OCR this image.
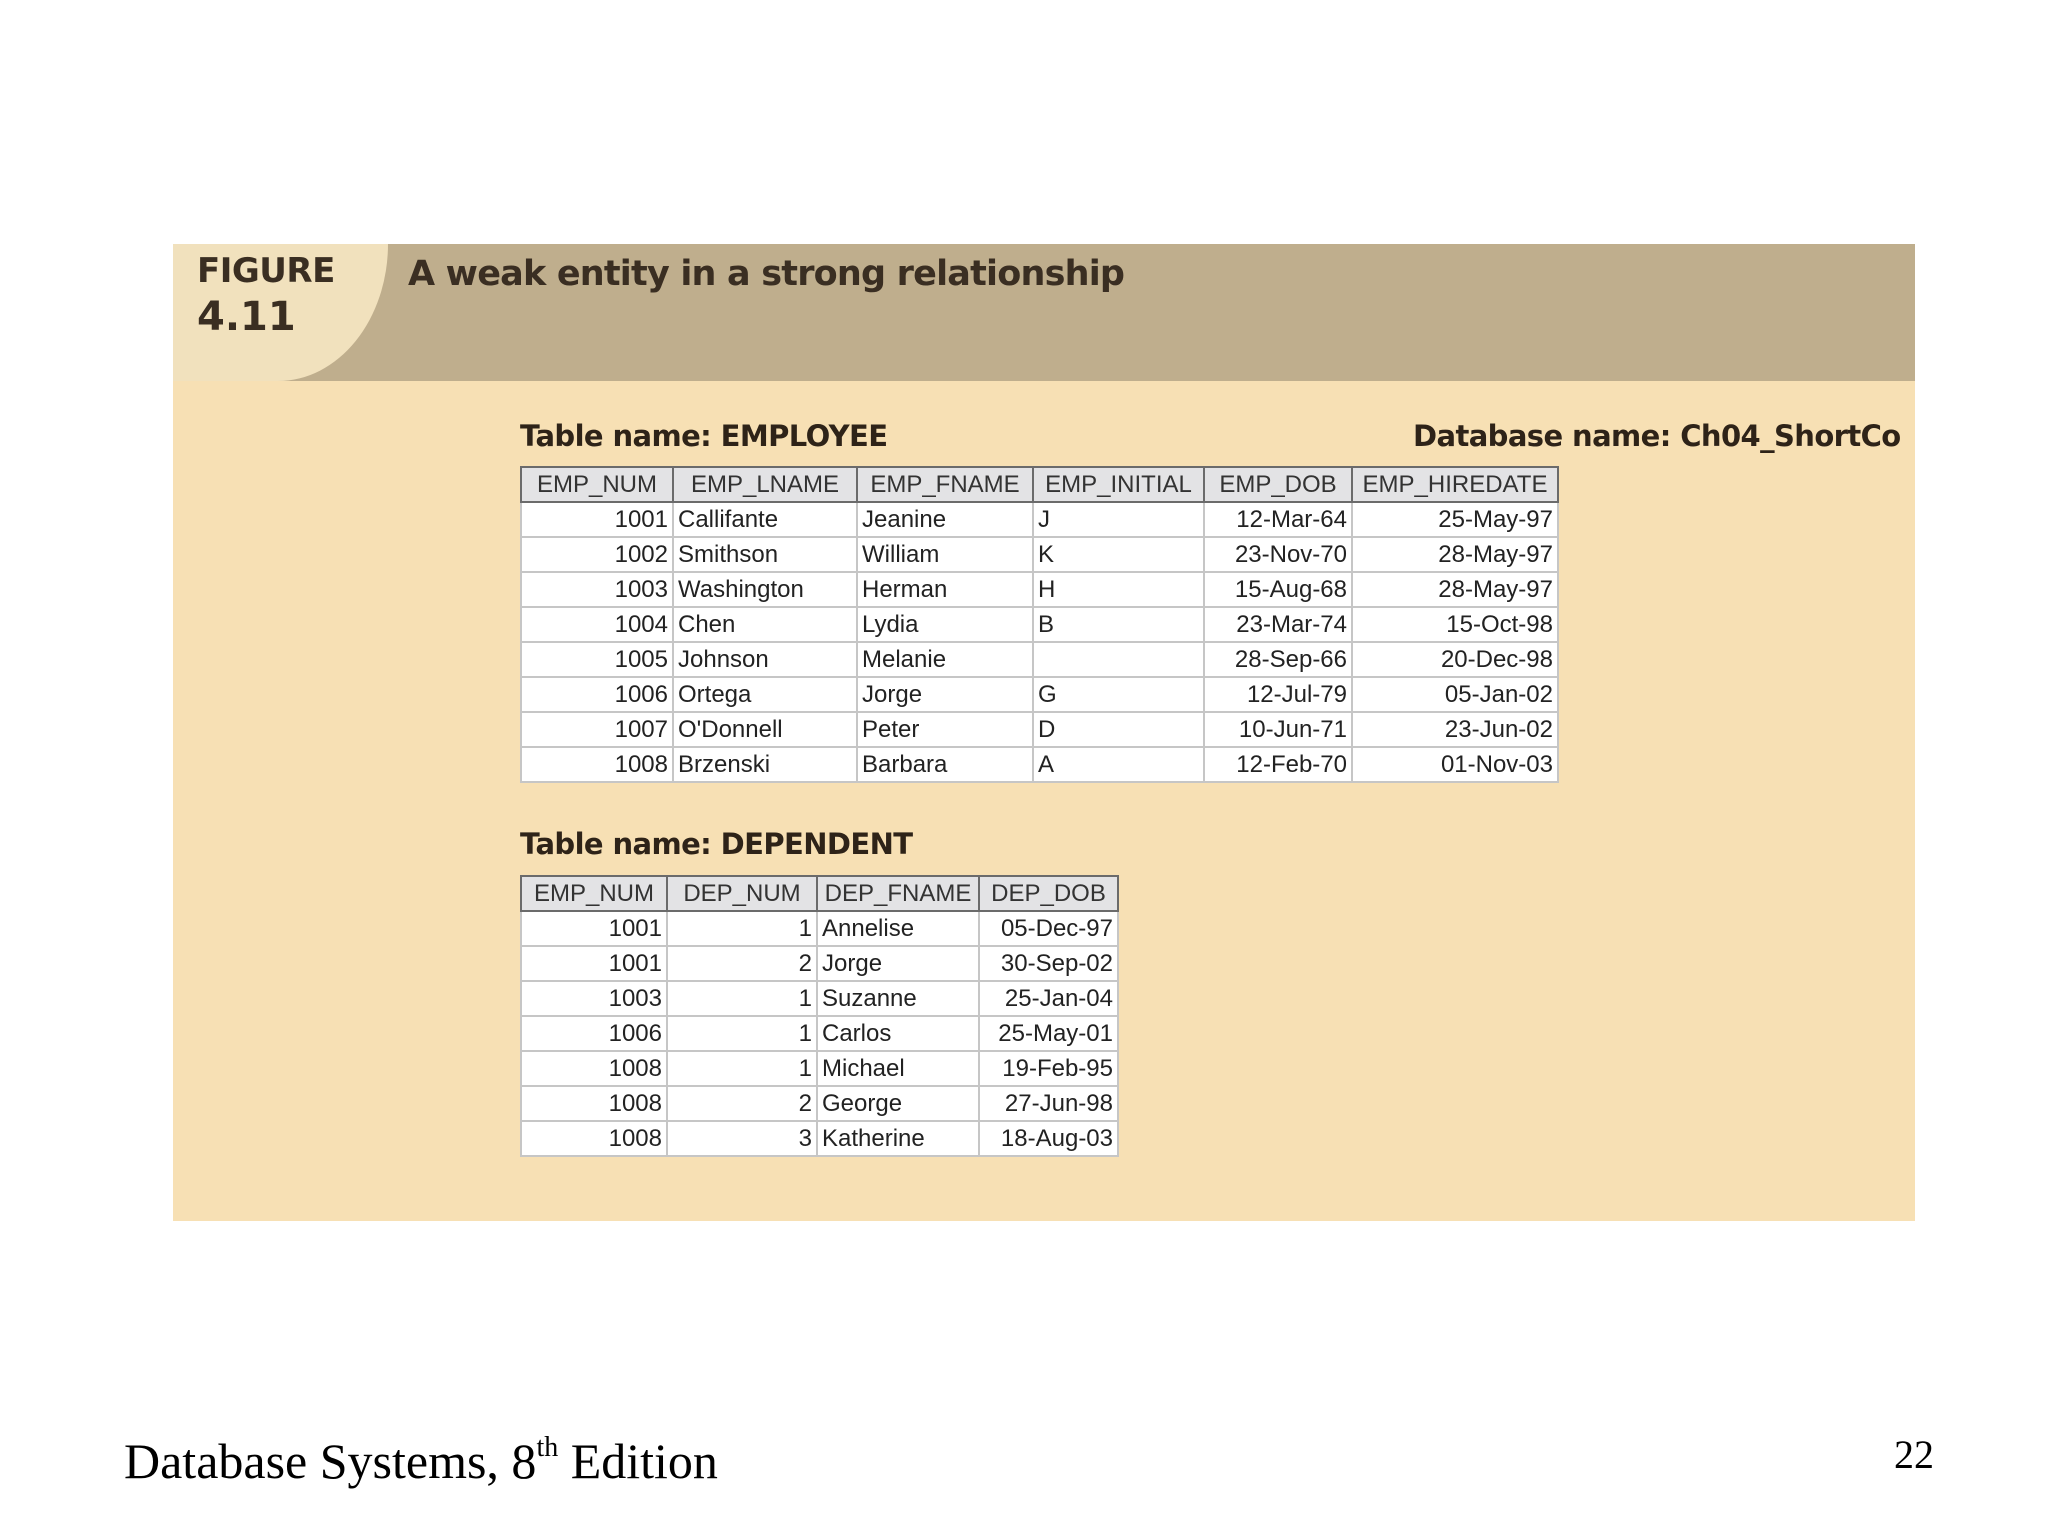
FIGURE
4.11
A weak entity in a strong relationship
Table name: EMPLOYEE	Database name: Ch04_ShortCo
EMP_NUM	EMP_LNAME	EMP_FNAME	EMP_INITIAL	EMP_DOB	EMP_HIREDATE
1001	Callifante	Jeanine	J	12-Mar-64	25-May-97
1002	Smithson	William	K	23-Nov-70	28-May-97
1003	Washington	Herman	H	15-Aug-68	28-May-97
1004	Chen	Lydia	B	23-Mar-74	15-Oct-98
1005	Johnson	Melanie		28-Sep-66	20-Dec-98
1006	Ortega	Jorge	G	12-Jul-79	05-Jan-02
1007	O'Donnell	Peter	D	10-Jun-71	23-Jun-02
1008	Brzenski	Barbara	A	12-Feb-70	01-Nov-03
Table name: DEPENDENT
EMP_NUM	DEP_NUM	DEP_FNAME	DEP_DOB
1001	1	Annelise	05-Dec-97
1001	2	Jorge	30-Sep-02
1003	1	Suzanne	25-Jan-04
1006	1	Carlos	25-May-01
1008	1	Michael	19-Feb-95
1008	2	George	27-Jun-98
1008	3	Katherine	18-Aug-03
Database Systems, 8th Edition	22
